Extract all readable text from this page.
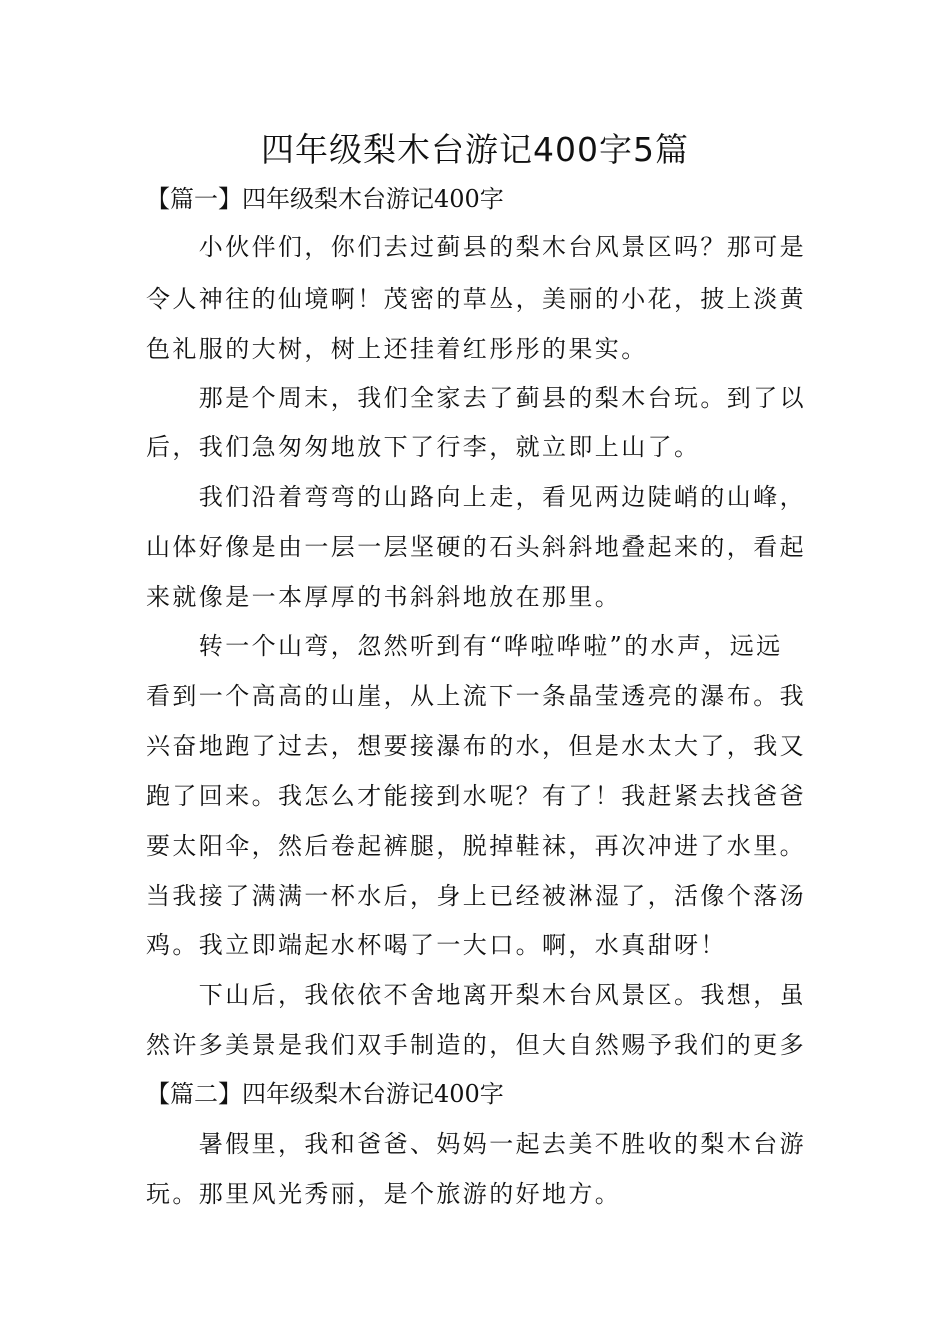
四年级梨木台游记400字5篇
【篇一】四年级梨木台游记400字
　　小伙伴们，你们去过蓟县的梨木台风景区吗？那可是
令人神往的仙境啊！茂密的草丛，美丽的小花，披上淡黄
色礼服的大树，树上还挂着红彤彤的果实。
　　那是个周末，我们全家去了蓟县的梨木台玩。到了以
后，我们急匆匆地放下了行李，就立即上山了。
　　我们沿着弯弯的山路向上走，看见两边陡峭的山峰，
山体好像是由一层一层坚硬的石头斜斜地叠起来的，看起
来就像是一本厚厚的书斜斜地放在那里。
　　转一个山弯，忽然听到有“哗啦哗啦”的水声，远远
看到一个高高的山崖，从上流下一条晶莹透亮的瀑布。我
兴奋地跑了过去，想要接瀑布的水，但是水太大了，我又
跑了回来。我怎么才能接到水呢？有了！我赶紧去找爸爸
要太阳伞，然后卷起裤腿，脱掉鞋袜，再次冲进了水里。
当我接了满满一杯水后，身上已经被淋湿了，活像个落汤
鸡。我立即端起水杯喝了一大口。啊，水真甜呀！
　　下山后，我依依不舍地离开梨木台风景区。我想，虽
然许多美景是我们双手制造的，但大自然赐予我们的更多
【篇二】四年级梨木台游记400字
　　暑假里，我和爸爸、妈妈一起去美不胜收的梨木台游
玩。那里风光秀丽，是个旅游的好地方。
